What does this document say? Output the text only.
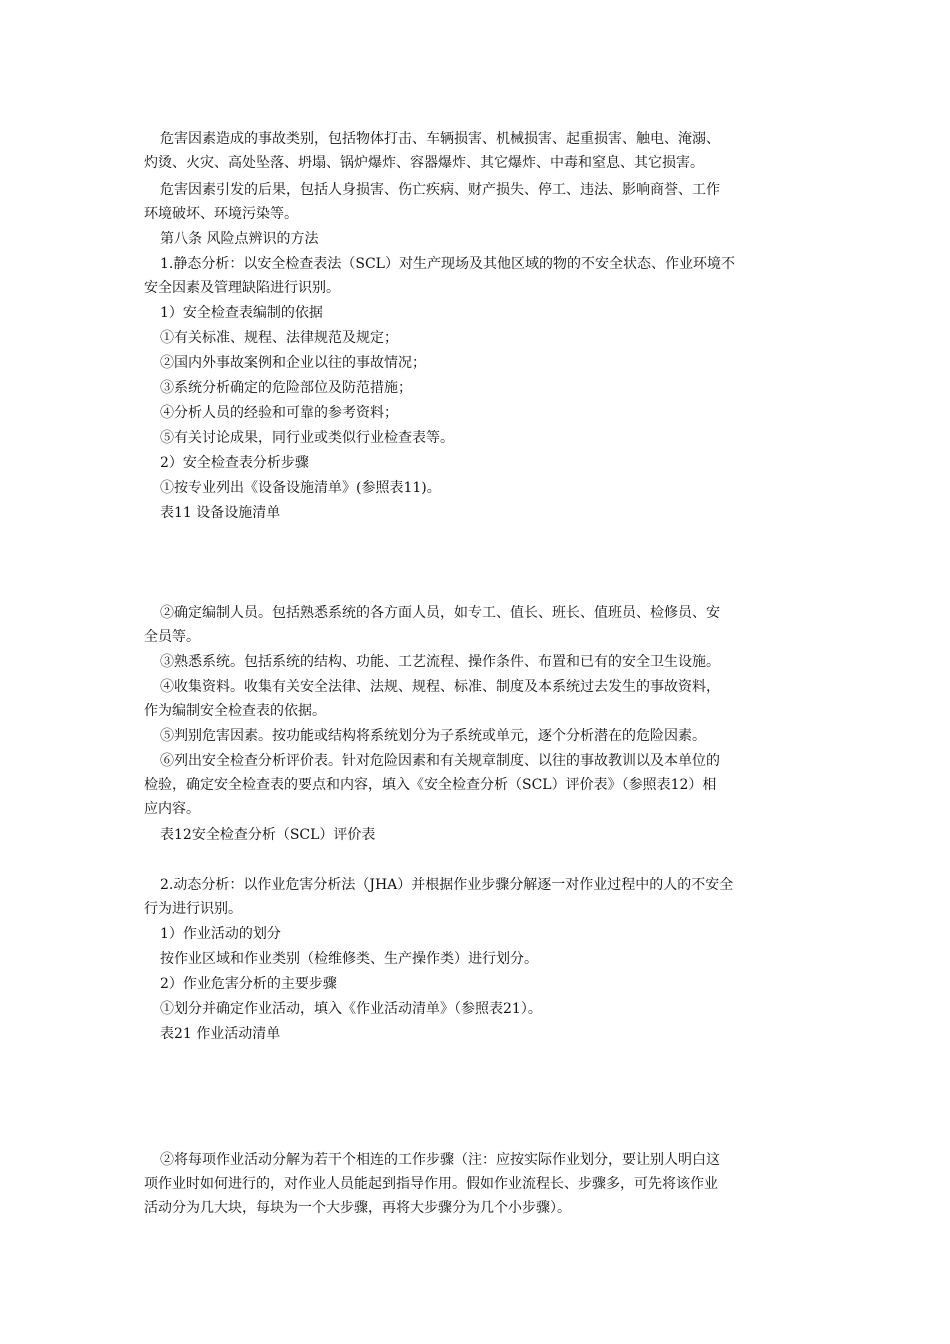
危害因素造成的事故类别，包括物体打击、车辆损害、机械损害、起重损害、触电、淹溺、
灼烫、火灾、高处坠落、坍塌、锅炉爆炸、容器爆炸、其它爆炸、中毒和窒息、其它损害。
危害因素引发的后果，包括人身损害、伤亡疾病、财产损失、停工、违法、影响商誉、工作
环境破坏、环境污染等。
第八条 风险点辨识的方法
1.静态分析：以安全检查表法（SCL）对生产现场及其他区域的物的不安全状态、作业环境不
安全因素及管理缺陷进行识别。
1）安全检查表编制的依据
①有关标准、规程、法律规范及规定；
②国内外事故案例和企业以往的事故情况；
③系统分析确定的危险部位及防范措施；
④分析人员的经验和可靠的参考资料；
⑤有关讨论成果，同行业或类似行业检查表等。
2）安全检查表分析步骤
①按专业列出《设备设施清单》(参照表11)。
表11 设备设施清单
②确定编制人员。包括熟悉系统的各方面人员，如专工、值长、班长、值班员、检修员、安
全员等。
③熟悉系统。包括系统的结构、功能、工艺流程、操作条件、布置和已有的安全卫生设施。
④收集资料。收集有关安全法律、法规、规程、标准、制度及本系统过去发生的事故资料，
作为编制安全检查表的依据。
⑤判别危害因素。按功能或结构将系统划分为子系统或单元，逐个分析潜在的危险因素。
⑥列出安全检查分析评价表。针对危险因素和有关规章制度、以往的事故教训以及本单位的
检验，确定安全检查表的要点和内容，填入《安全检查分析（SCL）评价表》（参照表12）相
应内容。
表12安全检查分析（SCL）评价表
2.动态分析：以作业危害分析法（JHA）并根据作业步骤分解逐一对作业过程中的人的不安全
行为进行识别。
1）作业活动的划分
按作业区域和作业类别（检维修类、生产操作类）进行划分。
2）作业危害分析的主要步骤
①划分并确定作业活动，填入《作业活动清单》（参照表21）。
表21 作业活动清单
②将每项作业活动分解为若干个相连的工作步骤（注：应按实际作业划分，要让别人明白这
项作业时如何进行的，对作业人员能起到指导作用。假如作业流程长、步骤多，可先将该作业
活动分为几大块，每块为一个大步骤，再将大步骤分为几个小步骤）。
